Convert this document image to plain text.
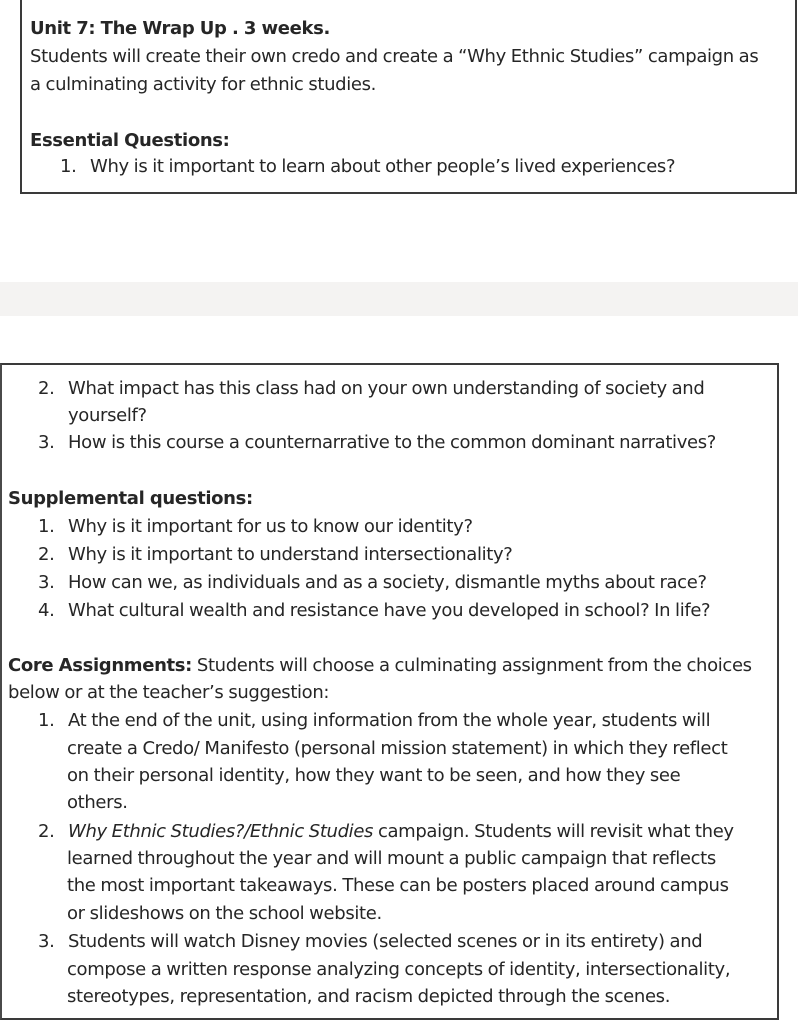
Unit 7: The Wrap Up . 3 weeks.
Students will create their own credo and create a “Why Ethnic Studies” campaign as
a culminating activity for ethnic studies.
Essential Questions:
1. Why is it important to learn about other people’s lived experiences?
2. What impact has this class had on your own understanding of society and
yourself?
3. How is this course a counternarrative to the common dominant narratives?
Supplemental questions:
1. Why is it important for us to know our identity?
2. Why is it important to understand intersectionality?
3. How can we, as individuals and as a society, dismantle myths about race?
4. What cultural wealth and resistance have you developed in school? In life?
Core Assignments: Students will choose a culminating assignment from the choices
below or at the teacher’s suggestion:
1. At the end of the unit, using information from the whole year, students will
create a Credo/ Manifesto (personal mission statement) in which they reflect
on their personal identity, how they want to be seen, and how they see
others.
2. Why Ethnic Studies?/Ethnic Studies campaign. Students will revisit what they
learned throughout the year and will mount a public campaign that reflects
the most important takeaways. These can be posters placed around campus
or slideshows on the school website.
3. Students will watch Disney movies (selected scenes or in its entirety) and
compose a written response analyzing concepts of identity, intersectionality,
stereotypes, representation, and racism depicted through the scenes.
